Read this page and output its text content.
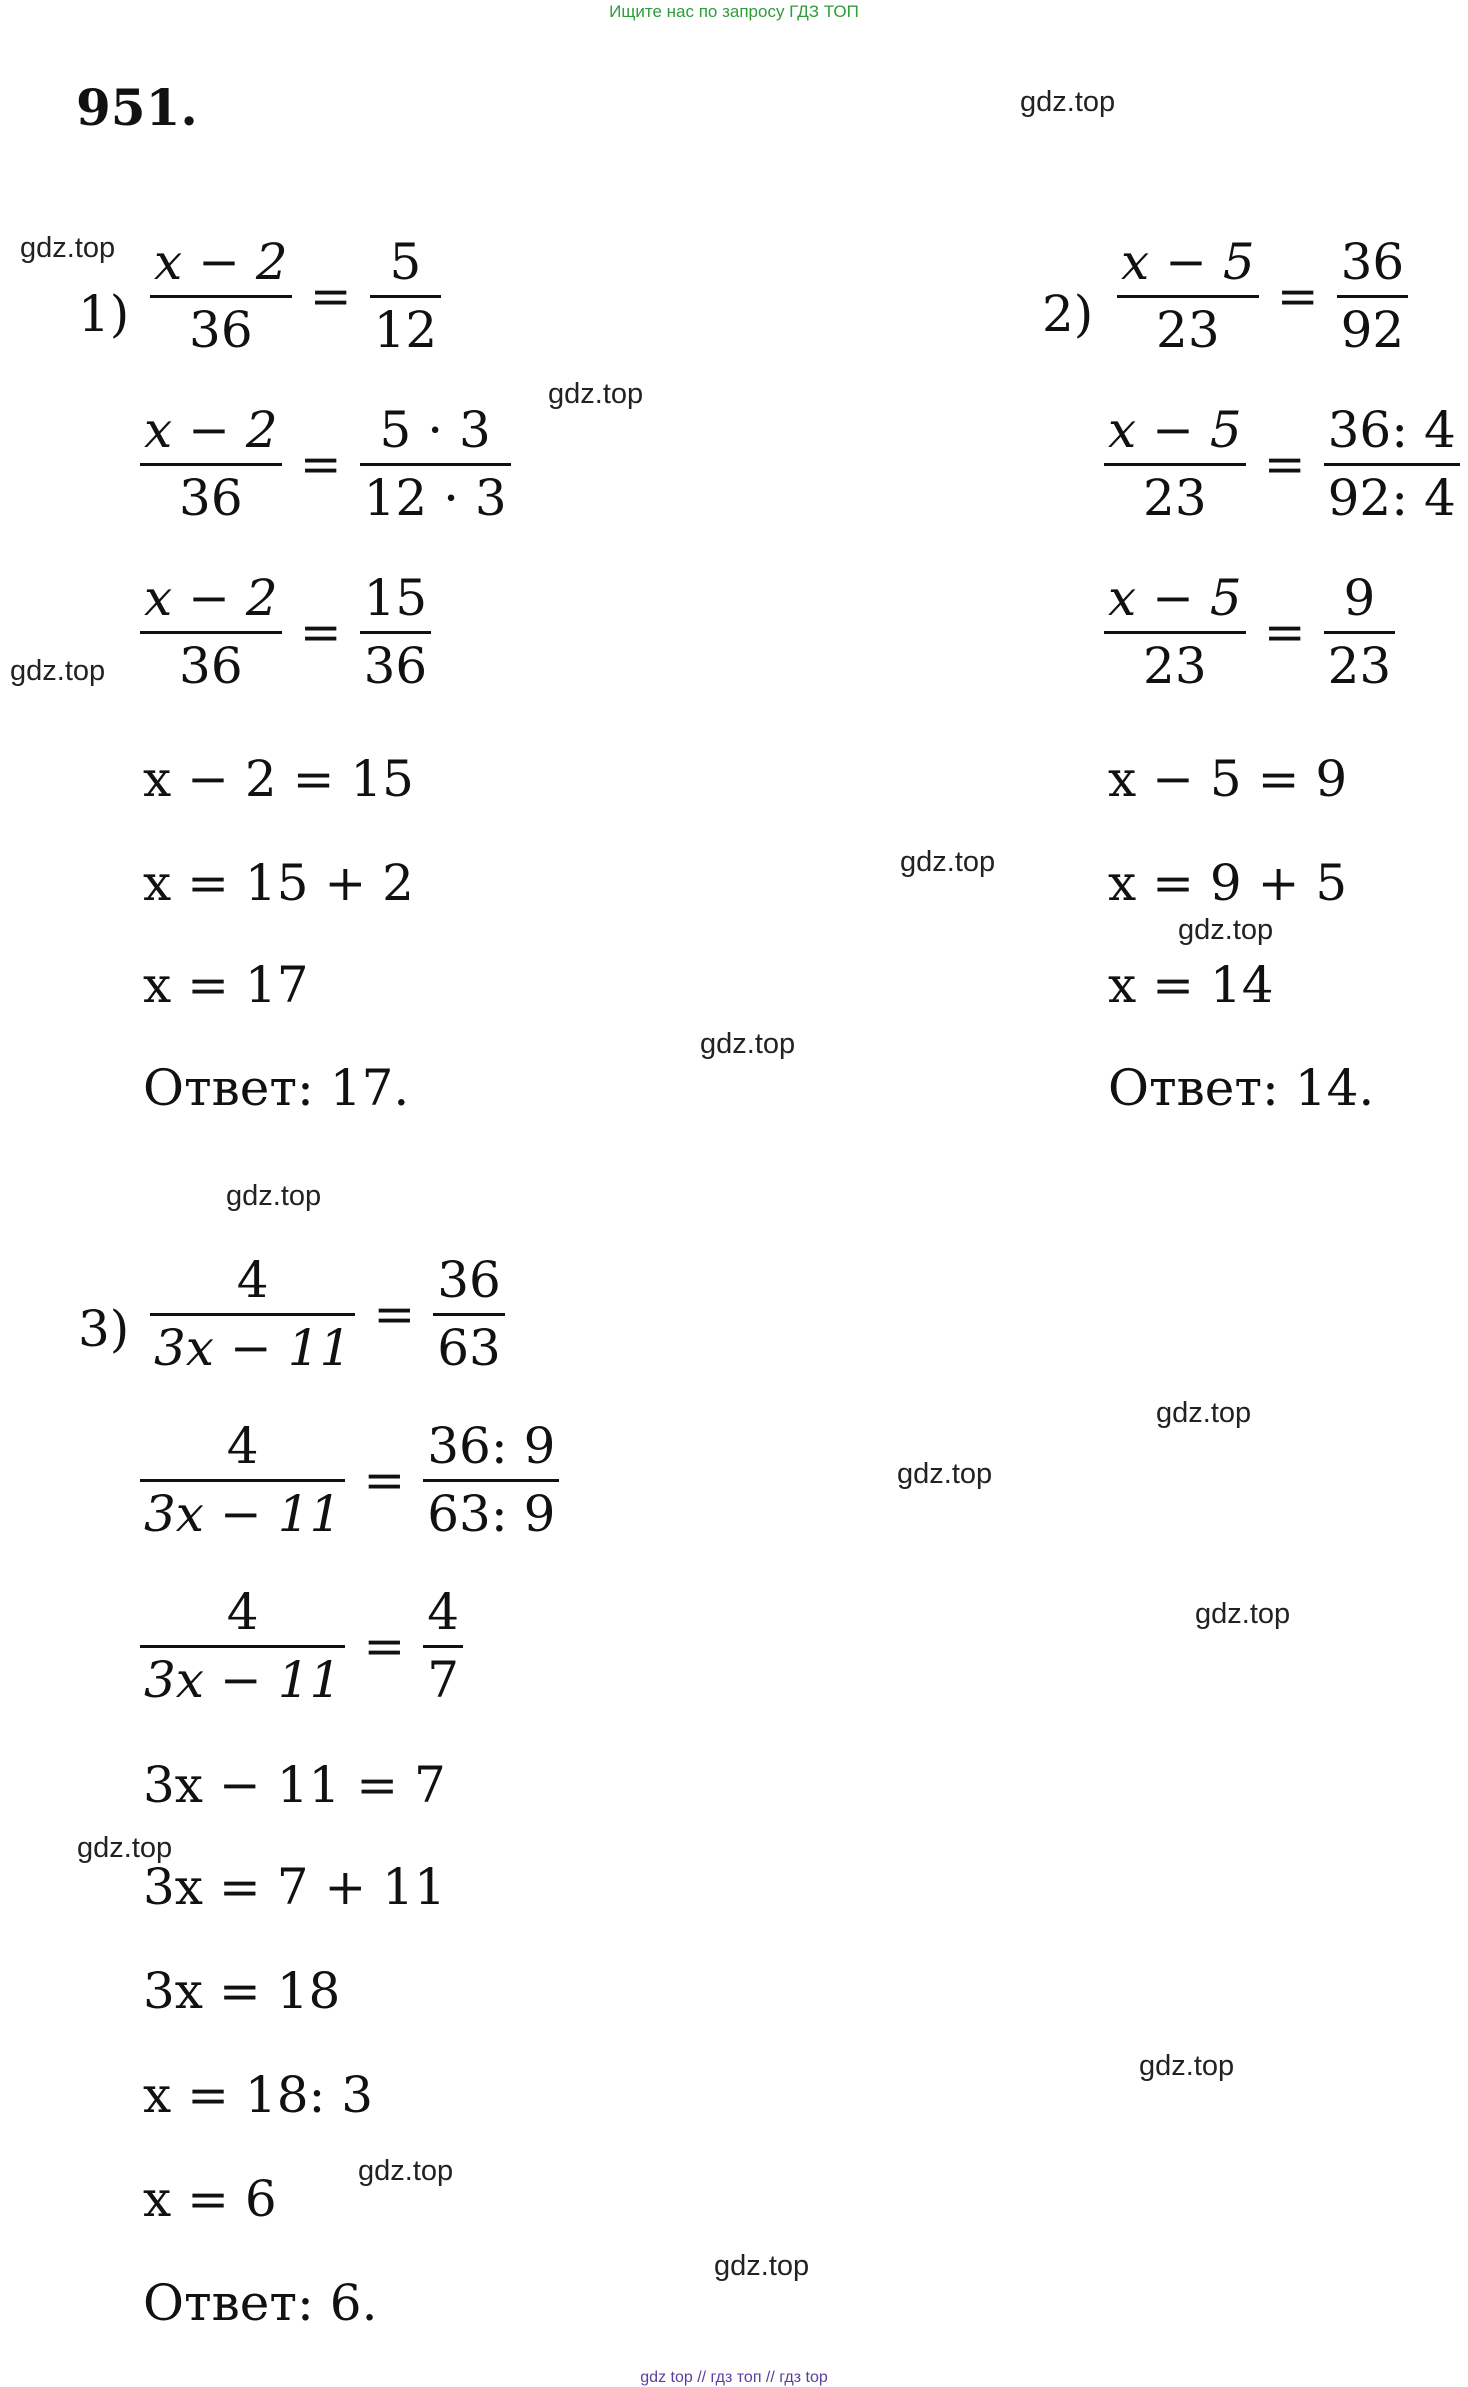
Ищите нас по запросу ГДЗ ТОП
951.
gdz top // гдз топ // гдз top
gdz.top
gdz.top
gdz.top
gdz.top
gdz.top
gdz.top
gdz.top
gdz.top
gdz.top
gdz.top
gdz.top
gdz.top
gdz.top
gdz.top
gdz.top
$1) \frac{x - 2}{36} = \frac{5}{12}$
$\frac{x - 2}{36} = \frac{5 \cdot 3}{12 \cdot 3}$
$\frac{x - 2}{36} = \frac{15}{36}$
x − 2 = 15
x = 15 + 2
x = 17
Ответ: 17.
$2) \frac{x - 5}{23} = \frac{36}{92}$
$\frac{x - 5}{23} = \frac{36: 4}{92: 4}$
$\frac{x - 5}{23} = \frac{9}{23}$
x − 5 = 9
x = 9 + 5
x = 14
Ответ: 14.
$3) \frac{4}{3x - 11} = \frac{36}{63}$
$\frac{4}{3x - 11} = \frac{36: 9}{63: 9}$
$\frac{4}{3x - 11} = \frac{4}{7}$
3x − 11 = 7
3x = 7 + 11
3x = 18
x = 18: 3
x = 6
Ответ: 6.
